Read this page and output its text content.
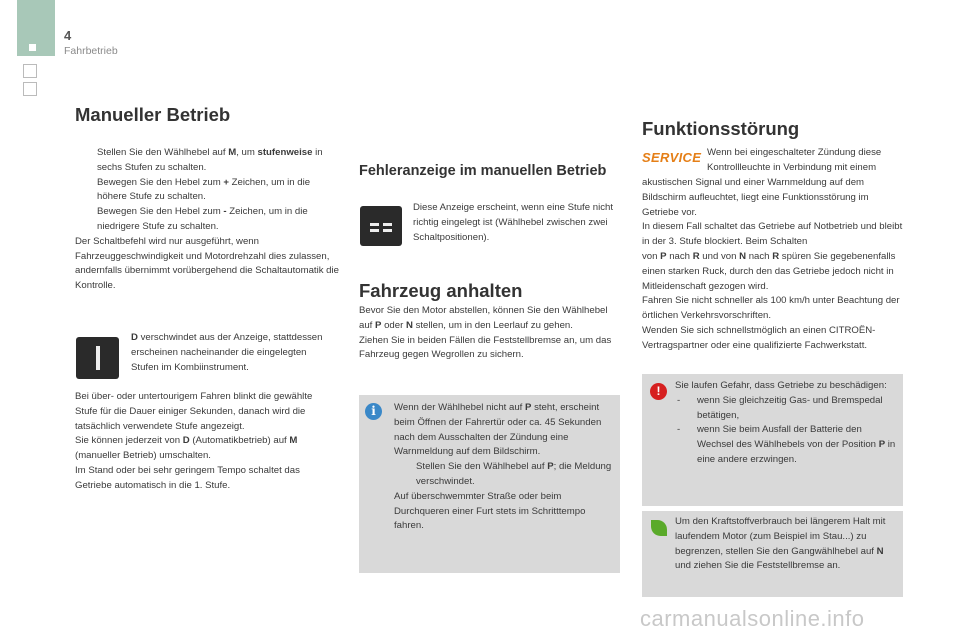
4
Fahrbetrieb
Manueller Betrieb
Stellen Sie den Wählhebel auf M, um stufenweise in sechs Stufen zu schalten.
Bewegen Sie den Hebel zum + Zeichen, um in die höhere Stufe zu schalten.
Bewegen Sie den Hebel zum - Zeichen, um in die niedrigere Stufe zu schalten.
Der Schaltbefehl wird nur ausgeführt, wenn Fahrzeuggeschwindigkeit und Motordrehzahl dies zulassen, andernfalls übernimmt vorübergehend die Schaltautomatik die Kontrolle.
D verschwindet aus der Anzeige, stattdessen erscheinen nacheinander die eingelegten Stufen im Kombiinstrument.
Bei über- oder untertourigem Fahren blinkt die gewählte Stufe für die Dauer einiger Sekunden, danach wird die tatsächlich verwendete Stufe angezeigt.
Sie können jederzeit von D (Automatikbetrieb) auf M (manueller Betrieb) umschalten.
Im Stand oder bei sehr geringem Tempo schaltet das Getriebe automatisch in die 1. Stufe.
Fehleranzeige im manuellen Betrieb
Diese Anzeige erscheint, wenn eine Stufe nicht richtig eingelegt ist (Wählhebel zwischen zwei Schaltpositionen).
Fahrzeug anhalten
Bevor Sie den Motor abstellen, können Sie den Wählhebel auf P oder N stellen, um in den Leerlauf zu gehen.
Ziehen Sie in beiden Fällen die Feststellbremse an, um das Fahrzeug gegen Wegrollen zu sichern.
i	Wenn der Wählhebel nicht auf P steht, erscheint beim Öffnen der Fahrertür oder ca. 45 Sekunden nach dem Ausschalten der Zündung eine Warnmeldung auf dem Bildschirm.
Stellen Sie den Wählhebel auf P; die Meldung verschwindet.
Auf überschwemmter Straße oder beim Durchqueren einer Furt stets im Schritttempo fahren.
Funktionsstörung
SERVICE Wenn bei eingeschalteter Zündung diese Kontrollleuchte in Verbindung mit einem
akustischen Signal und einer Warnmeldung auf dem Bildschirm aufleuchtet, liegt eine Funktionsstörung im Getriebe vor.
In diesem Fall schaltet das Getriebe auf Notbetrieb und bleibt in der 3. Stufe blockiert. Beim Schalten
von P nach R und von N nach R spüren Sie gegebenenfalls einen starken Ruck, durch den das Getriebe jedoch nicht in Mitleidenschaft gezogen wird.
Fahren Sie nicht schneller als 100 km/h unter Beachtung der örtlichen Verkehrsvorschriften.
Wenden Sie sich schnellstmöglich an einen CITROËN-Vertragspartner oder eine qualifizierte Fachwerkstatt.
!	Sie laufen Gefahr, dass Getriebe zu beschädigen:
- wenn Sie gleichzeitig Gas- und Bremspedal betätigen,
- wenn Sie beim Ausfall der Batterie den Wechsel des Wählhebels von der Position P in eine andere erzwingen.
Um den Kraftstoffverbrauch bei längerem Halt mit laufendem Motor (zum Beispiel im Stau...) zu begrenzen, stellen Sie den Gangwählhebel auf N und ziehen Sie die Feststellbremse an.
carmanualsonline.info
